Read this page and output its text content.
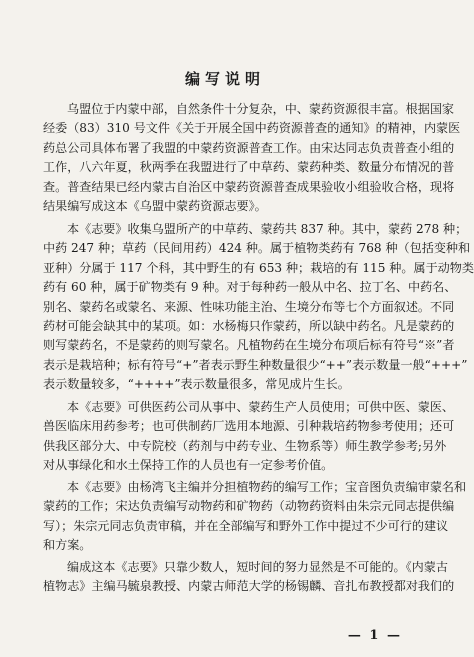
编写说明
乌盟位于内蒙中部，自然条件十分复杂，中、蒙药资源很丰富。根据国家
经委（83）310 号文件《关于开展全国中药资源普查的通知》的精神，内蒙医
药总公司具体布署了我盟的中蒙药资源普查工作。由宋达同志负责普查小组的
工作，八六年夏，秋两季在我盟进行了中草药、蒙药种类、数量分布情况的普
查。普查结果已经内蒙古自治区中蒙药资源普查成果验收小组验收合格，现将
结果编写成这本《乌盟中蒙药资源志要》。
本《志要》收集乌盟所产的中草药、蒙药共 837 种。其中，蒙药 278 种；
中药 247 种；草药（民间用药）424 种。属于植物类药有 768 种（包括变种和
亚种）分属于 117 个科，其中野生的有 653 种；栽培的有 115 种。属于动物类
药有 60 种，属于矿物类有 9 种。对于每种药一般从中名、拉丁名、中药名、
别名、蒙药名或蒙名、来源、性味功能主治、生境分布等七个方面叙述。不同
药材可能会缺其中的某项。如：水杨梅只作蒙药，所以缺中药名。凡是蒙药的
则写蒙药名，不是蒙药的则写蒙名。凡植物药在生境分布项后标有符号“※”者
表示是栽培种；标有符号“+”者表示野生种数量很少“++”表示数量一般“+++”
表示数量较多，“++++”表示数量很多，常见成片生长。
本《志要》可供医药公司从事中、蒙药生产人员使用；可供中医、蒙医、
兽医临床用药参考；也可供制药厂选用本地源、引种栽培药物参考使用；还可
供我区部分大、中专院校（药剂与中药专业、生物系等）师生教学参考;另外
对从事绿化和水土保持工作的人员也有一定参考价值。
本《志要》由杨湾飞主编并分担植物药的编写工作；宝音图负责编审蒙名和
蒙药的工作；宋达负责编写动物药和矿物药（动物药资料由朱宗元同志提供编
写）；朱宗元同志负责审稿，并在全部编写和野外工作中提过不少可行的建议
和方案。
编成这本《志要》只靠少数人，短时间的努力显然是不可能的。《内蒙古
植物志》主编马毓泉教授、内蒙古师范大学的杨锡麟、音扎布教授都对我们的
— 1 —
